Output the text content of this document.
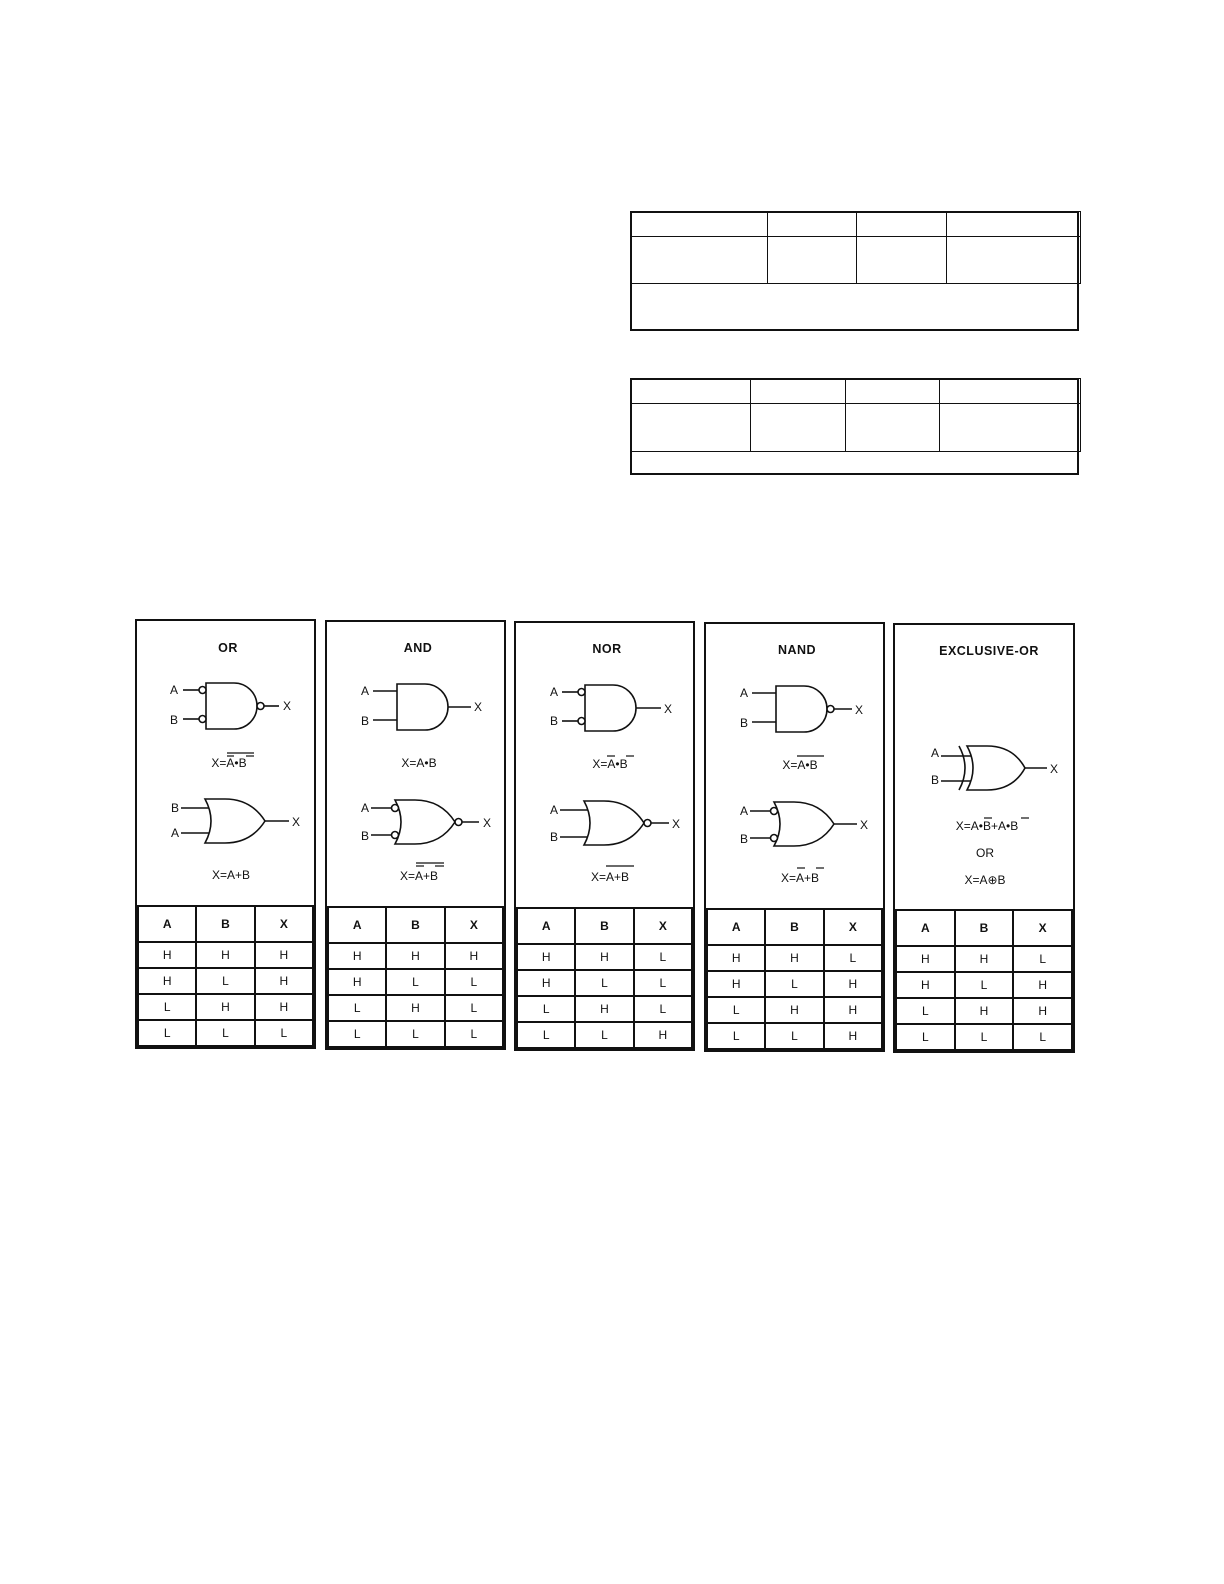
OR
A
B
X
X=A•B
B
A
X
X=A+B
A	B	X
H	H	H
H	L	H
L	H	H
L	L	L
AND
A
B
X
X=A•B
A
B
X
X=A+B
A	B	X
H	H	H
H	L	L
L	H	L
L	L	L
NOR
A
B
X
X=A•B
A
B
X
X=A+B
A	B	X
H	H	L
H	L	L
L	H	L
L	L	H
NAND
A
B
X
X=A•B
A
B
X
X=A+B
A	B	X
H	H	L
H	L	H
L	H	H
L	L	H
EXCLUSIVE-OR
A
B
X
X=A•B+A•B
OR
X=A⊕B
A	B	X
H	H	L
H	L	H
L	H	H
L	L	L
